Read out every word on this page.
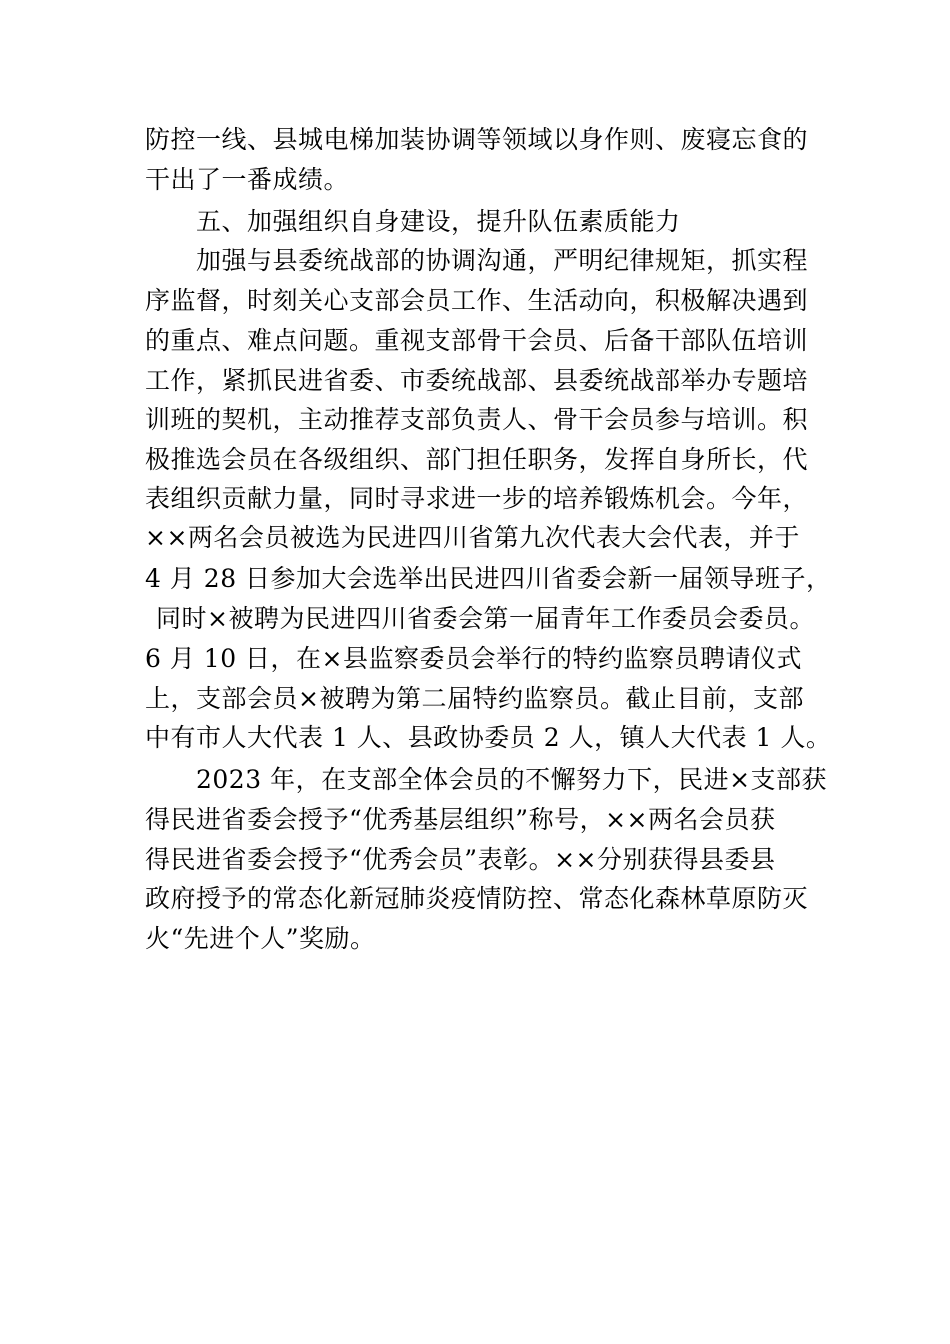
防控一线、县城电梯加装协调等领域以身作则、废寝忘食的
干出了一番成绩。
五、加强组织自身建设，提升队伍素质能力
加强与县委统战部的协调沟通，严明纪律规矩，抓实程
序监督，时刻关心支部会员工作、生活动向，积极解决遇到
的重点、难点问题。重视支部骨干会员、后备干部队伍培训
工作，紧抓民进省委、市委统战部、县委统战部举办专题培
训班的契机，主动推荐支部负责人、骨干会员参与培训。积
极推选会员在各级组织、部门担任职务，发挥自身所长，代
表组织贡献力量，同时寻求进一步的培养锻炼机会。今年，
××两名会员被选为民进四川省第九次代表大会代表，并于
4 月 28 日参加大会选举出民进四川省委会新一届领导班子，
同时×被聘为民进四川省委会第一届青年工作委员会委员。
6 月 10 日，在×县监察委员会举行的特约监察员聘请仪式
上，支部会员×被聘为第二届特约监察员。截止目前，支部
中有市人大代表 1 人、县政协委员 2 人，镇人大代表 1 人。
2023 年，在支部全体会员的不懈努力下，民进×支部获
得民进省委会授予“优秀基层组织”称号，××两名会员获
得民进省委会授予“优秀会员”表彰。××分别获得县委县
政府授予的常态化新冠肺炎疫情防控、常态化森林草原防灭
火“先进个人”奖励。
